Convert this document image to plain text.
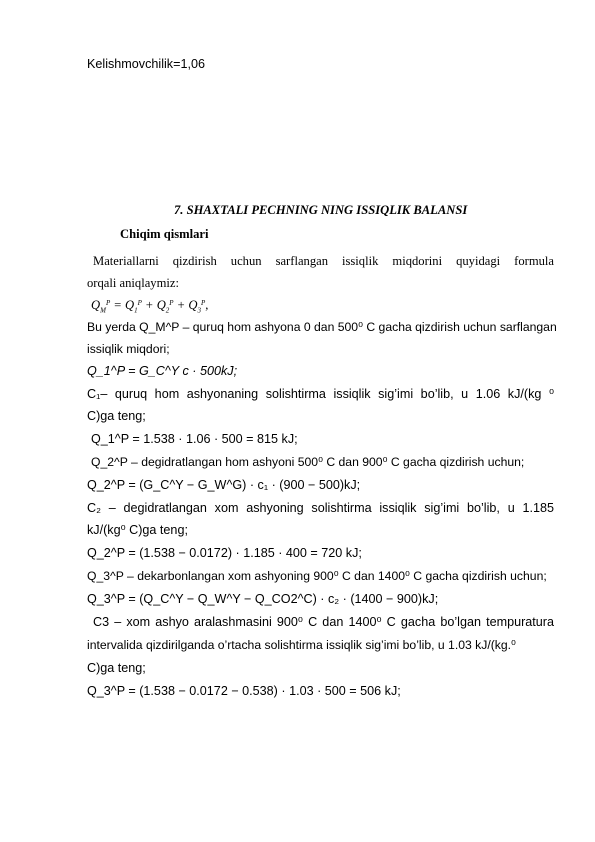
Kelishmovchilik=1,06
7. SHAXTALI PECHNING NING ISSIQLIK BALANSI
Chiqim qismlari
Materiallarni qizdirish uchun sarflangan issiqlik miqdorini quyidagi formula
orqali aniqlaymiz:
$Q_M^P = Q_1^P + Q_2^P + Q_3^P$,
Bu yerda Q_M^P – quruq hom ashyona 0 dan 500⁰ C gacha qizdirish uchun sarflangan
issiqlik miqdori;
Q_1^P = G_C^Y c · 500kJ;
C₁– quruq hom ashyonaning solishtirma issiqlik sig’imi bo’lib, u 1.06 kJ/(kg ⁰
C)ga teng;
Q_1^P = 1.538 · 1.06 · 500 = 815 kJ;
Q_2^P – degidratlangan hom ashyoni 500⁰ C dan 900⁰ C gacha qizdirish uchun;
Q_2^P = (G_C^Y − G_W^G) · c₁ · (900 − 500)kJ;
C₂ – degidratlangan xom ashyoning solishtirma issiqlik sig’imi bo’lib, u 1.185
kJ/(kg⁰ C)ga teng;
Q_2^P = (1.538 − 0.0172) · 1.185 · 400 = 720 kJ;
Q_3^P – dekarbonlangan xom ashyoning 900⁰ C dan 1400⁰ C gacha qizdirish uchun;
Q_3^P = (Q_C^Y − Q_W^Y − Q_CO2^C) · c₂ · (1400 − 900)kJ;
C3 – xom ashyo aralashmasini 900⁰ C dan 1400⁰ C gacha bo’lgan tempuratura
intervalida qizdirilganda o’rtacha solishtirma issiqlik sig’imi bo’lib, u 1.03 kJ/(kg.⁰
C)ga teng;
Q_3^P = (1.538 − 0.0172 − 0.538) · 1.03 · 500 = 506 kJ;
